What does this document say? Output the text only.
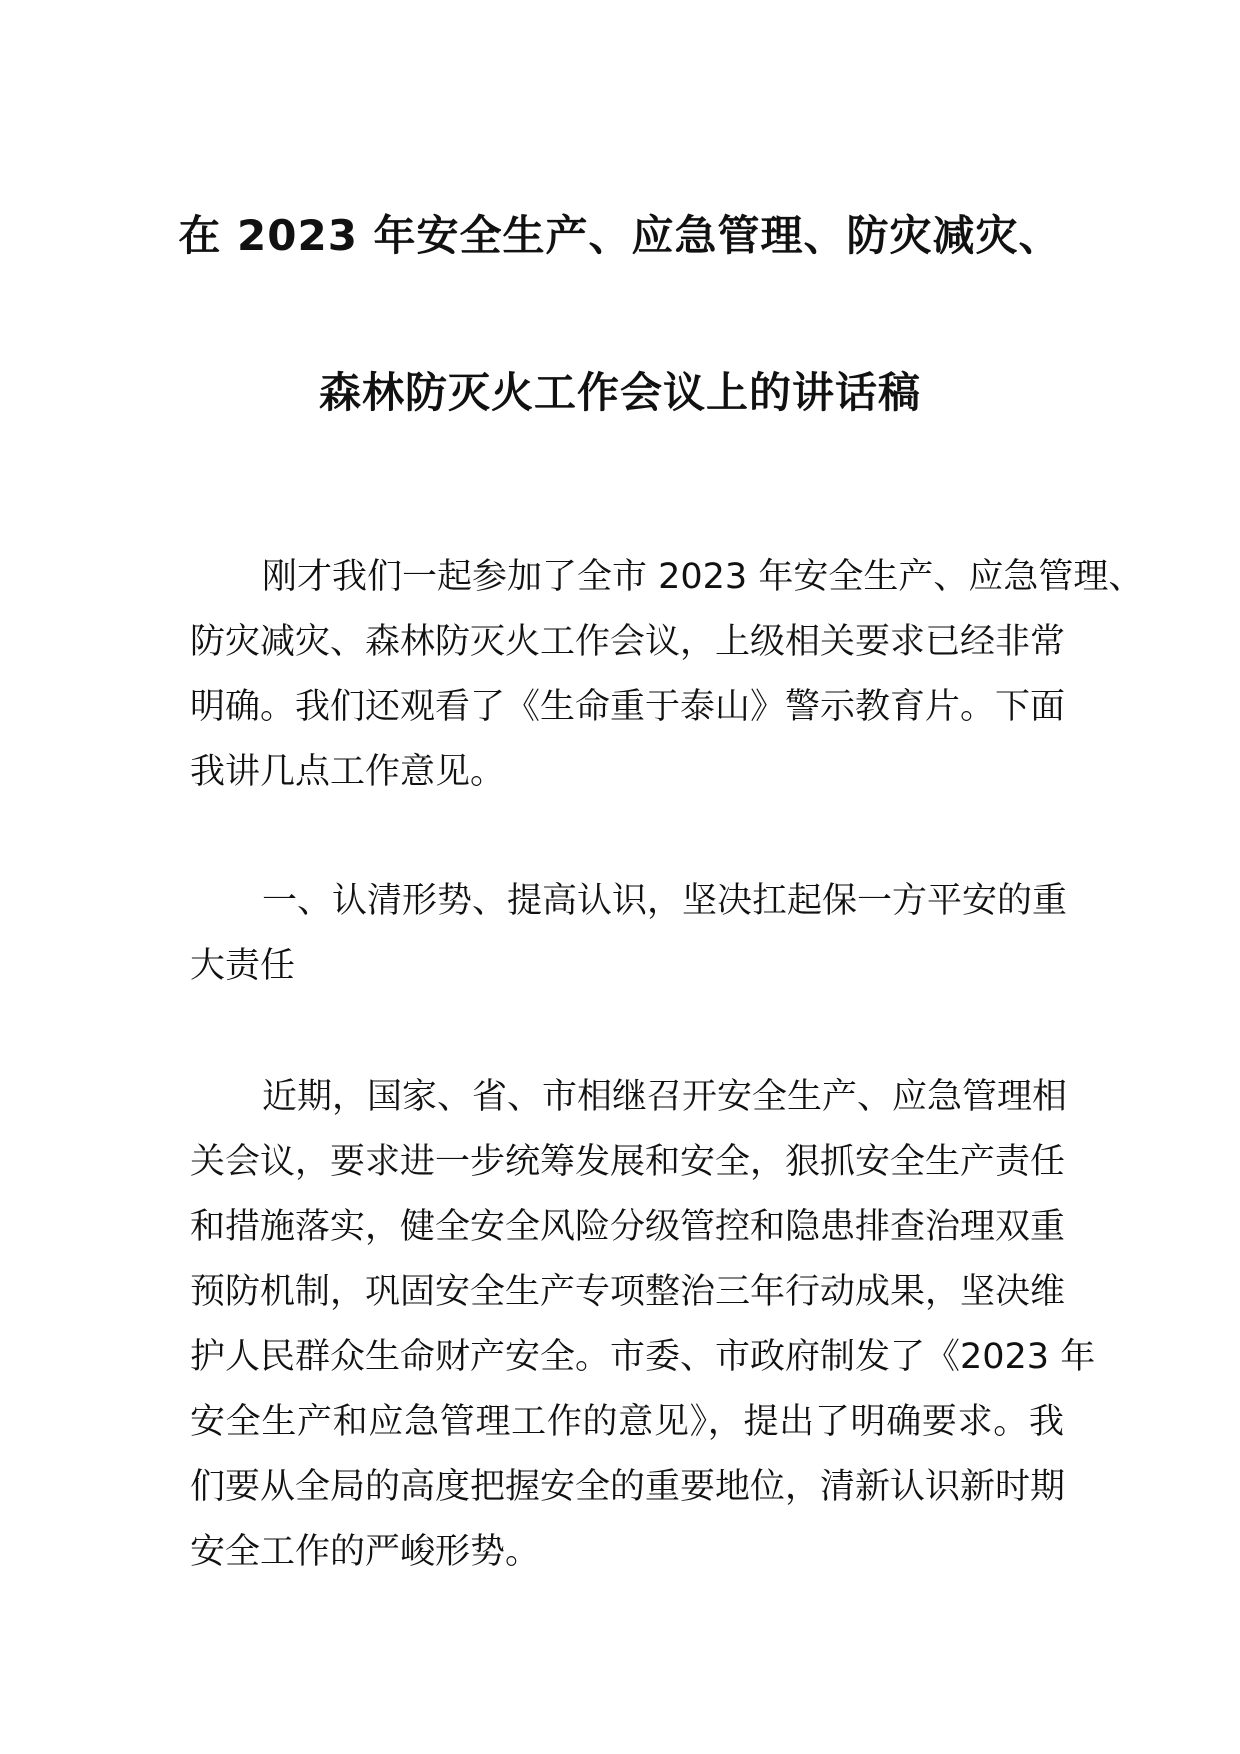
在 2023 年安全生产、应急管理、防灾减灾、
森林防灭火工作会议上的讲话稿
刚才我们一起参加了全市 2023 年安全生产、应急管理、
防灾减灾、森林防灭火工作会议，上级相关要求已经非常
明确。我们还观看了《生命重于泰山》警示教育片。下面
我讲几点工作意见。
一、认清形势、提高认识，坚决扛起保一方平安的重
大责任
近期，国家、省、市相继召开安全生产、应急管理相
关会议，要求进一步统筹发展和安全，狠抓安全生产责任
和措施落实，健全安全风险分级管控和隐患排查治理双重
预防机制，巩固安全生产专项整治三年行动成果，坚决维
护人民群众生命财产安全。市委、市政府制发了《2023 年
安全生产和应急管理工作的意见》，提出了明确要求。我
们要从全局的高度把握安全的重要地位，清新认识新时期
安全工作的严峻形势。
